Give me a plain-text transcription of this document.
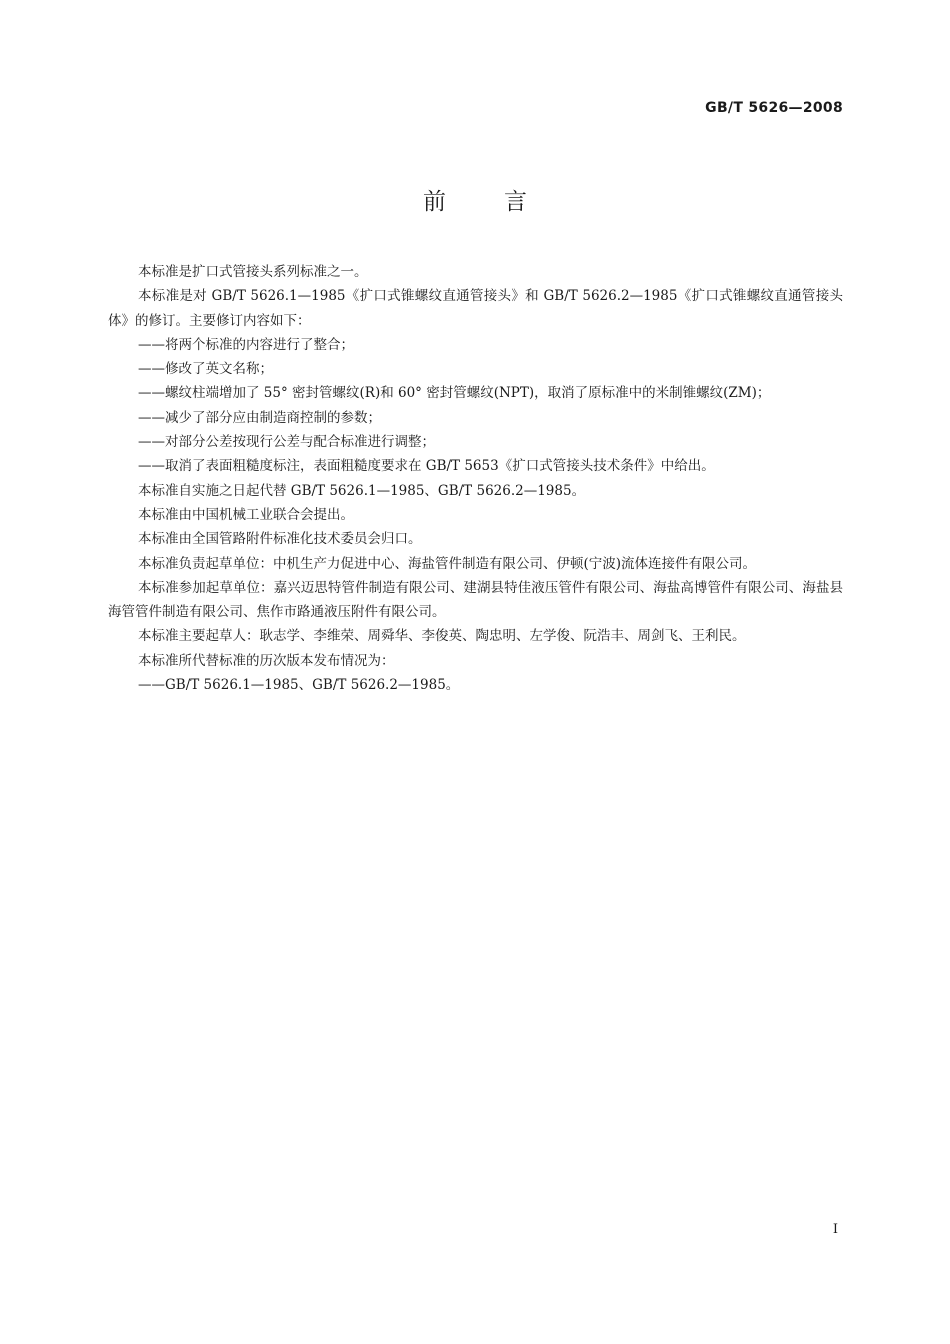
GB/T 5626—2008
前言

本标准是扩口式管接头系列标准之一。

本标准是对 GB/T 5626.1—1985《扩口式锥螺纹直通管接头》和 GB/T 5626.2—1985《扩口式锥螺纹直通管接头体》的修订。主要修订内容如下：

——将两个标准的内容进行了整合；

——修改了英文名称；

——螺纹柱端增加了 55° 密封管螺纹(R)和 60° 密封管螺纹(NPT)，取消了原标准中的米制锥螺纹(ZM)；

——减少了部分应由制造商控制的参数；

——对部分公差按现行公差与配合标准进行调整；

——取消了表面粗糙度标注，表面粗糙度要求在 GB/T 5653《扩口式管接头技术条件》中给出。

本标准自实施之日起代替 GB/T 5626.1—1985、GB/T 5626.2—1985。

本标准由中国机械工业联合会提出。

本标准由全国管路附件标准化技术委员会归口。

本标准负责起草单位：中机生产力促进中心、海盐管件制造有限公司、伊顿(宁波)流体连接件有限公司。

本标准参加起草单位：嘉兴迈思特管件制造有限公司、建湖县特佳液压管件有限公司、海盐高博管件有限公司、海盐县海管管件制造有限公司、焦作市路通液压附件有限公司。

本标准主要起草人：耿志学、李维荣、周舜华、李俊英、陶忠明、左学俊、阮浩丰、周剑飞、王利民。

本标准所代替标准的历次版本发布情况为：

——GB/T 5626.1—1985、GB/T 5626.2—1985。

I
